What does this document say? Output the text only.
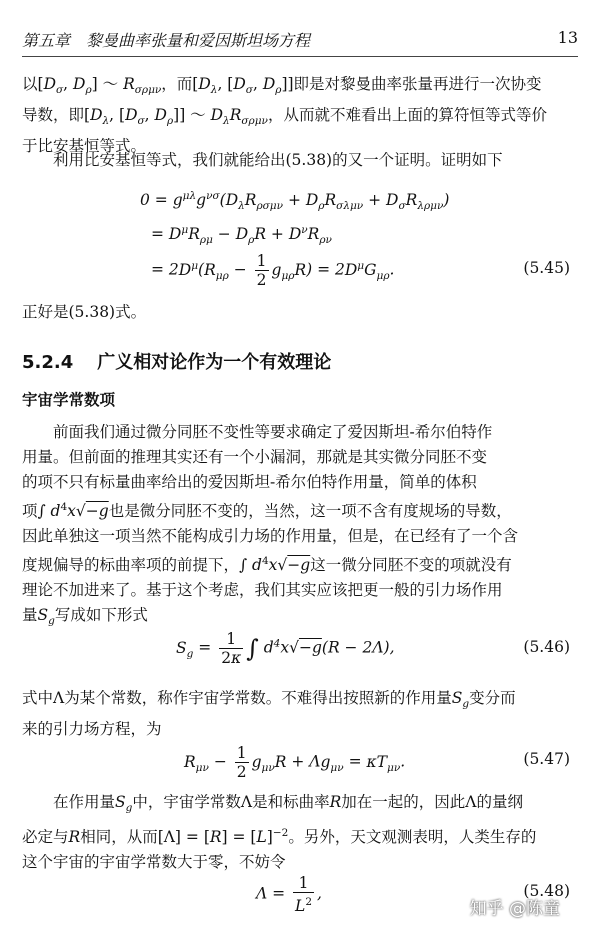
第五章　黎曼曲率张量和爱因斯坦场方程	13
以[$D_\sigma$, $D_\rho$] ～ $R_{\sigma\rho\mu\nu}$，而[$D_\lambda$, [$D_\sigma$, $D_\rho$]]即是对黎曼曲率张量再进行一次协变
导数，即[$D_\lambda$, [$D_\sigma$, $D_\rho$]] ～ $D_\lambda R_{\sigma\rho\mu\nu}$，从而就不难看出上面的算符恒等式等价
于比安基恒等式。
利用比安基恒等式，我们就能给出(5.38)的又一个证明。证明如下
$0 = g^{\mu\lambda}g^{\nu\sigma}(D_\lambda R_{\rho\sigma\mu\nu} + D_\rho R_{\sigma\lambda\mu\nu} + D_\sigma R_{\lambda\rho\mu\nu})$
= $D^\mu R_{\rho\mu} - D_\rho R + D^\nu R_{\rho\nu}$
= $2D^\mu(R_{\mu\rho} - \frac{1}{2} g_{\mu\rho}R) = 2D^\mu G_{\mu\rho}$.	(5.45)
正好是(5.38)式。
5.2.4 广义相对论作为一个有效理论
宇宙学常数项
前面我们通过微分同胚不变性等要求确定了爱因斯坦-希尔伯特作
用量。但前面的推理其实还有一个小漏洞，那就是其实微分同胚不变
的项不只有标量曲率给出的爱因斯坦-希尔伯特作用量，简单的体积
项∫ $d^4x√-g$也是微分同胚不变的，当然，这一项不含有度规场的导数，
因此单独这一项当然不能构成引力场的作用量，但是，在已经有了一个含
度规偏导的标曲率项的前提下，∫ $d^4x√-g$这一微分同胚不变的项就没有
理论不加进来了。基于这个考虑，我们其实应该把更一般的引力场作用
量$S_g$写成如下形式
$S_g = \frac{1}{2\kappa}$ ∫ $d^4x√-g(R - 2\Lambda)$,	(5.46)
式中Λ为某个常数，称作宇宙学常数。不难得出按照新的作用量$S_g$变分而
来的引力场方程，为
$R_{\mu\nu} - \frac{1}{2} g_{\mu\nu}R + \Lambda g_{\mu\nu} = \kappa T_{\mu\nu}$.	(5.47)
在作用量$S_g$中，宇宙学常数Λ是和标曲率R加在一起的，因此Λ的量纲
必定与R相同，从而$[\Lambda] = [R] = [L]^{-2}$。另外，天文观测表明，人类生存的
这个宇宙的宇宙学常数大于零，不妨令
$\Lambda = \frac{1}{L^2}$ ,	(5.48)
知乎 @陈童
